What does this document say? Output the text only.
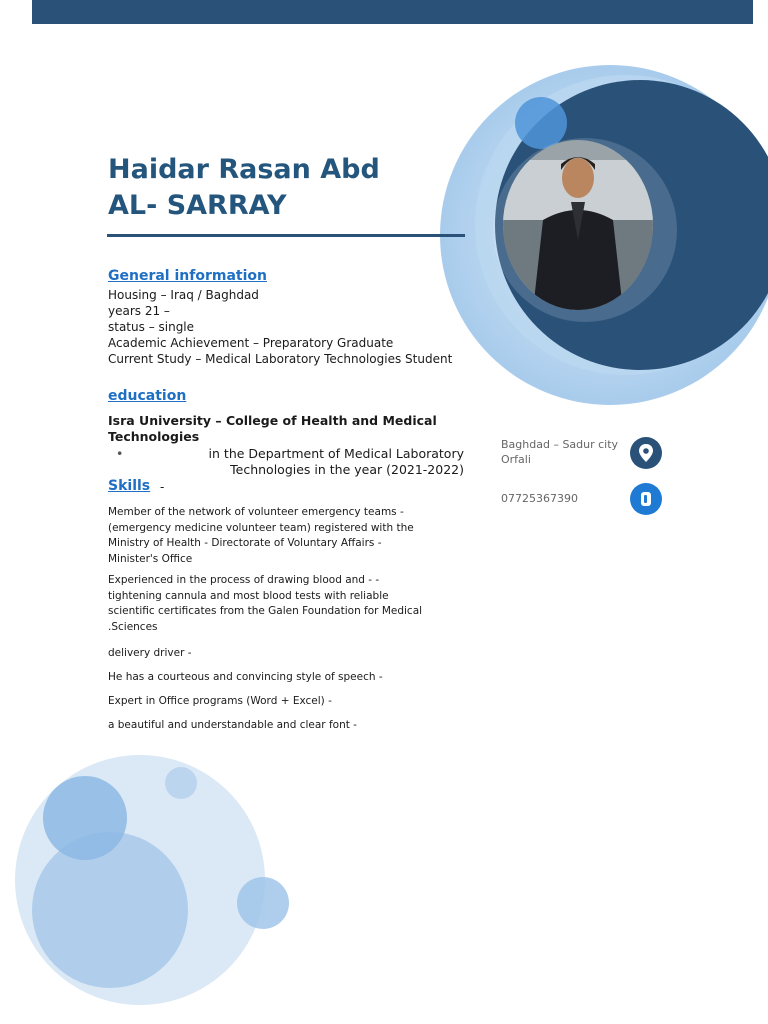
Haidar Rasan Abd
AL- SARRAY
General information
Housing – Iraq / Baghdad
years 21 –
status – single
Academic Achievement – Preparatory Graduate
Current Study – Medical Laboratory Technologies Student
education

Isra University – College of Health and Medical Technologies

•	in the Department of Medical Laboratory Technologies in the year (2021-2022)
Skills -

Member of the network of volunteer emergency teams - (emergency medicine volunteer team) registered with the Ministry of Health - Directorate of Voluntary Affairs - Minister's Office

Experienced in the process of drawing blood and - - tightening cannula and most blood tests with reliable scientific certificates from the Galen Foundation for Medical .Sciences

delivery driver -

He has a courteous and convincing style of speech -

Expert in Office programs (Word + Excel) -

a beautiful and understandable and clear font -

Baghdad – Sadur city Orfali

07725367390
